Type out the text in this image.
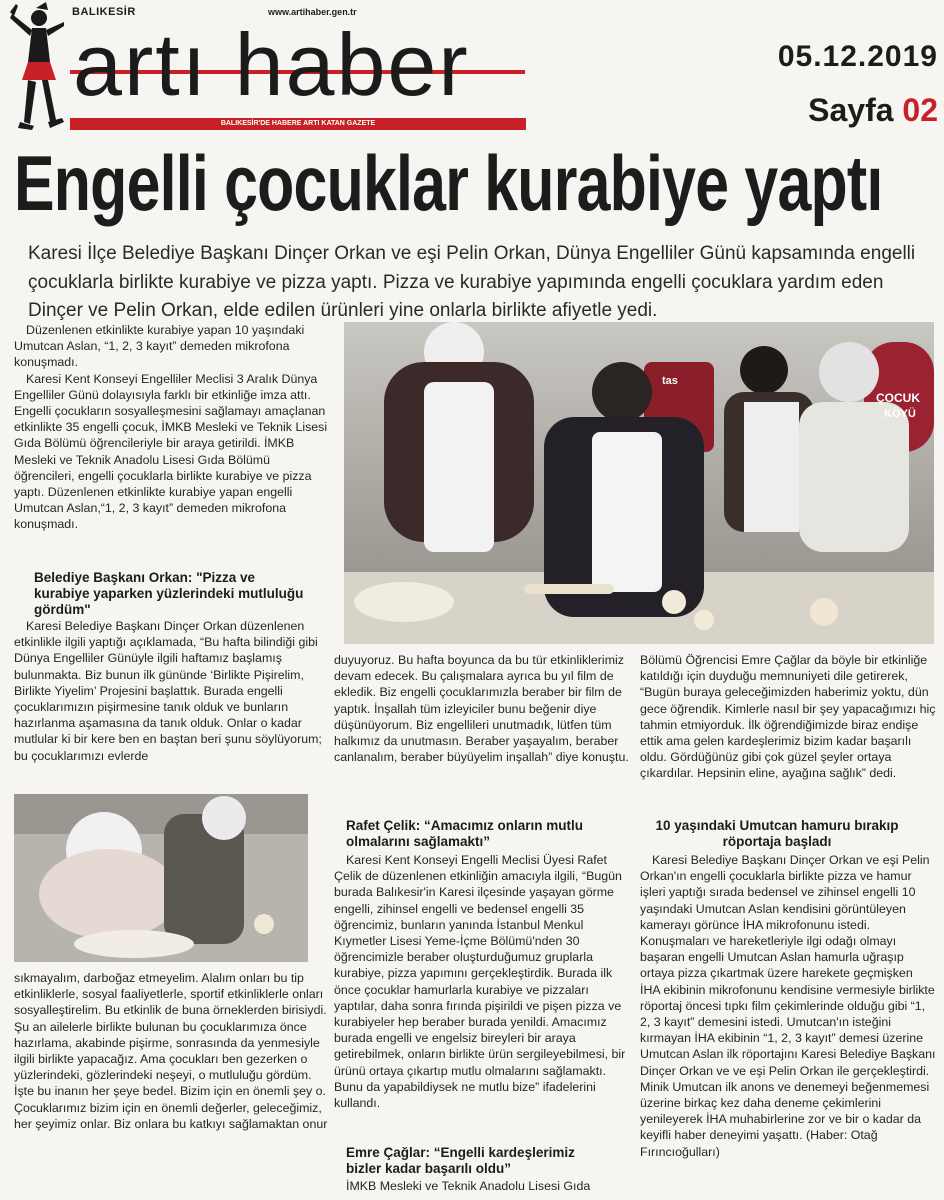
BALIKESİR	www.artihaber.gen.tr
artı haber
BALIKESİR'DE HABERE ARTI KATAN GAZETE
05.12.2019
Sayfa 02
Engelli çocuklar kurabiye yaptı
Karesi İlçe Belediye Başkanı Dinçer Orkan ve eşi Pelin Orkan, Dünya Engelliler Günü kapsamında engelli çocuklarla birlikte kurabiye ve pizza yaptı. Pizza ve kurabiye yapımında engelli çocuklara yardım eden Dinçer ve Pelin Orkan, elde edilen ürünleri yine onlarla birlikte afiyetle yedi.

Düzenlenen etkinlikte kurabiye yapan 10 yaşındaki Umutcan Aslan, “1, 2, 3 kayıt” demeden mikrofona konuşmadı.

Karesi Kent Konseyi Engelliler Meclisi 3 Aralık Dünya Engelliler Günü dolayısıyla farklı bir etkinliğe imza attı. Engelli çocukların sosyalleşmesini sağlamayı amaçlanan etkinlikte 35 engelli çocuk, İMKB Mesleki ve Teknik Lisesi Gıda Bölümü öğrencileriyle bir araya getirildi. İMKB Mesleki ve Teknik Anadolu Lisesi Gıda Bölümü öğrencileri, engelli çocuklarla birlikte kurabiye ve pizza yaptı. Düzenlenen etkinlikte kurabiye yapan engelli Umutcan Aslan,“1, 2, 3 kayıt” demeden mikrofona konuşmadı.

tas
ÇOCUK
KÖYÜ
Belediye Başkanı Orkan: "Pizza ve kurabiye yaparken yüzlerindeki mutluluğu gördüm"

Karesi Belediye Başkanı Dinçer Orkan düzenlenen etkinlikle ilgili yaptığı açıklamada, “Bu hafta bilindiği gibi Dünya Engelliler Günüyle ilgili haftamız başlamış bulunmakta. Biz bunun ilk gününde ‘Birlikte Pişirelim, Birlikte Yiyelim’ Projesini başlattık. Burada engelli çocuklarımızın pişirmesine tanık olduk ve bunların hazırlanma aşamasına da tanık olduk. Onlar o kadar mutlular ki bir kere ben en baştan beri şunu söylüyorum; bu çocuklarımızı evlerde

sıkmayalım, darboğaz etmeyelim. Alalım onları bu tip etkinliklerle, sosyal faaliyetlerle, sportif etkinliklerle onları sosyalleştirelim. Bu etkinlik de buna örneklerden birisiydi. Şu an ailelerle birlikte bulunan bu çocuklarımıza önce hazırlama, akabinde pişirme, sonrasında da yenmesiyle ilgili birlikte yapacağız. Ama çocukları ben gezerken o yüzlerindeki, gözlerindeki neşeyi, o mutluluğu gördüm. İşte bu inanın her şeye bedel. Bizim için en önemli şey o. Çocuklarımız bizim için en önemli değerler, geleceğimiz, her şeyimiz onlar. Biz onlara bu katkıyı sağlamaktan onur

duyuyoruz. Bu hafta boyunca da bu tür etkinliklerimiz devam edecek. Bu çalışmalara ayrıca bu yıl film de ekledik. Biz engelli çocuklarımızla beraber bir film de yaptık. İnşallah tüm izleyiciler bunu beğenir diye düşünüyorum. Biz engellileri unutmadık, lütfen tüm halkımız da unutmasın. Beraber yaşayalım, beraber canlanalım, beraber büyüyelim inşallah” diye konuştu.

Rafet Çelik: “Amacımız onların mutlu olmalarını sağlamaktı”

Karesi Kent Konseyi Engelli Meclisi Üyesi Rafet Çelik de düzenlenen etkinliğin amacıyla ilgili, “Bugün burada Balıkesir'in Karesi ilçesinde yaşayan görme engelli, zihinsel engelli ve bedensel engelli 35 öğrencimiz, bunların yanında İstanbul Menkul Kıymetler Lisesi Yeme-İçme Bölümü'nden 30 öğrencimizle beraber oluşturduğumuz gruplarla kurabiye, pizza yapımını gerçekleştirdik. Burada ilk önce çocuklar hamurlarla kurabiye ve pizzaları yaptılar, daha sonra fırında pişirildi ve pişen pizza ve kurabiyeler hep beraber burada yenildi. Amacımız burada engelli ve engelsiz bireyleri bir araya getirebilmek, onların birlikte ürün sergileyebilmesi, bir ürünü ortaya çıkartıp mutlu olmalarını sağlamaktı. Bunu da yapabildiysek ne mutlu bize” ifadelerini kullandı.

Emre Çağlar: “Engelli kardeşlerimiz bizler kadar başarılı oldu”

İMKB Mesleki ve Teknik Anadolu Lisesi Gıda

Bölümü Öğrencisi Emre Çağlar da böyle bir etkinliğe katıldığı için duyduğu memnuniyeti dile getirerek, “Bugün buraya geleceğimizden haberimiz yoktu, dün gece öğrendik. Kimlerle nasıl bir şey yapacağımızı hiç tahmin etmiyorduk. İlk öğrendiğimizde biraz endişe ettik ama gelen kardeşlerimiz bizim kadar başarılı oldu. Gördüğünüz gibi çok güzel şeyler ortaya çıkardılar. Hepsinin eline, ayağına sağlık” dedi.

10 yaşındaki Umutcan hamuru bırakıp röportaja başladı

Karesi Belediye Başkanı Dinçer Orkan ve eşi Pelin Orkan'ın engelli çocuklarla birlikte pizza ve hamur işleri yaptığı sırada bedensel ve zihinsel engelli 10 yaşındaki Umutcan Aslan kendisini görüntüleyen kamerayı görünce İHA mikrofonunu istedi. Konuşmaları ve hareketleriyle ilgi odağı olmayı başaran engelli Umutcan Aslan hamurla uğraşıp ortaya pizza çıkartmak üzere harekete geçmişken İHA ekibinin mikrofonunu kendisine vermesiyle birlikte röportaj öncesi tıpkı film çekimlerinde olduğu gibi “1, 2, 3 kayıt” demesini istedi. Umutcan'ın isteğini kırmayan İHA ekibinin “1, 2, 3 kayıt” demesi üzerine Umutcan Aslan ilk röportajını Karesi Belediye Başkanı Dinçer Orkan ve ve eşi Pelin Orkan ile gerçekleştirdi. Minik Umutcan ilk anons ve denemeyi beğenmemesi üzerine birkaç kez daha deneme çekimlerini yenileyerek İHA muhabirlerine zor ve bir o kadar da keyifli haber deneyimi yaşattı. (Haber: Otağ Fırıncıoğulları)
